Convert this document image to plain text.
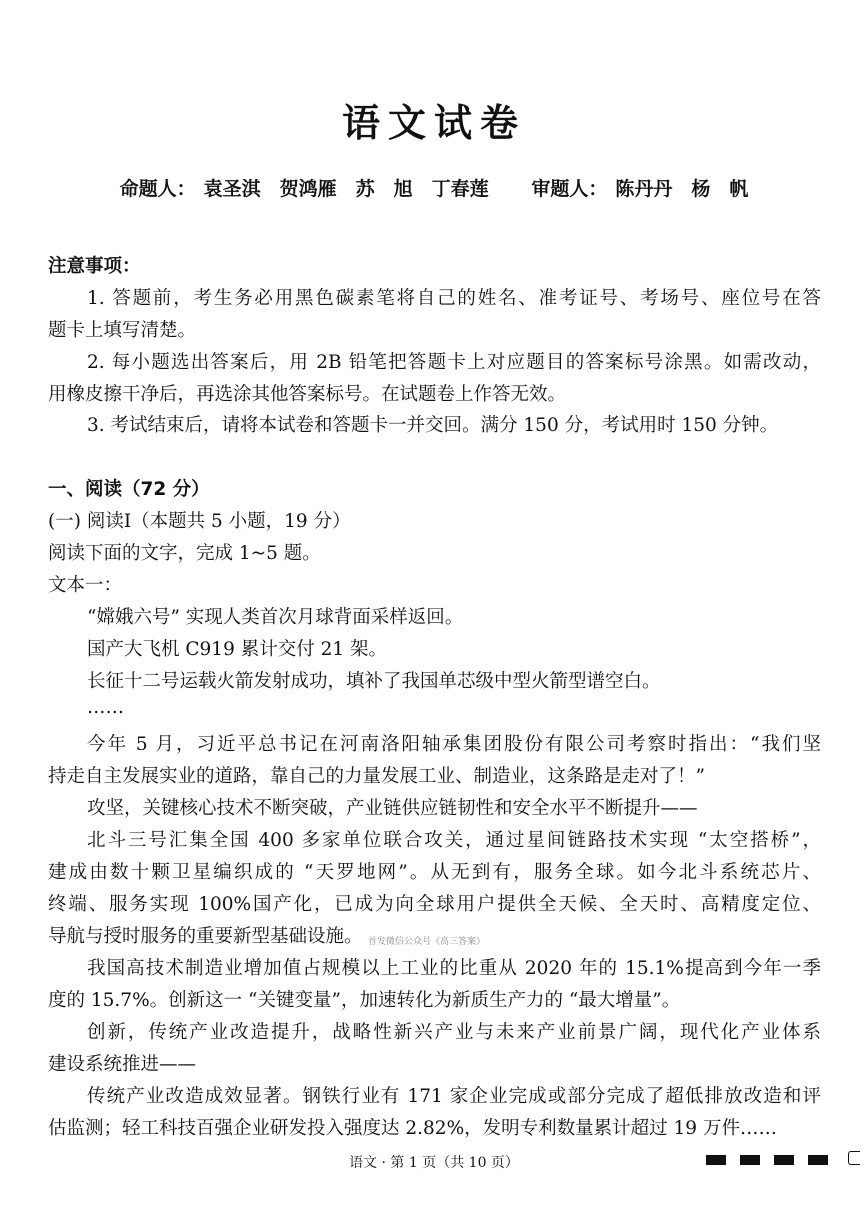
语文试卷
命题人： 袁圣淇　贺鸿雁　苏　旭　丁春莲 审题人： 陈丹丹　杨　帆
注意事项：
1. 答题前，考生务必用黑色碳素笔将自己的姓名、准考证号、考场号、座位号在答
题卡上填写清楚。
2. 每小题选出答案后，用 2B 铅笔把答题卡上对应题目的答案标号涂黑。如需改动，
用橡皮擦干净后，再选涂其他答案标号。在试题卷上作答无效。
3. 考试结束后，请将本试卷和答题卡一并交回。满分 150 分，考试用时 150 分钟。
一、阅读（72 分）
(一) 阅读Ⅰ（本题共 5 小题，19 分）
阅读下面的文字，完成 1~5 题。
文本一：
“嫦娥六号” 实现人类首次月球背面采样返回。
国产大飞机 C919 累计交付 21 架。
长征十二号运载火箭发射成功，填补了我国单芯级中型火箭型谱空白。
……
今年 5 月，习近平总书记在河南洛阳轴承集团股份有限公司考察时指出：“我们坚
持走自主发展实业的道路，靠自己的力量发展工业、制造业，这条路是走对了！”
攻坚，关键核心技术不断突破，产业链供应链韧性和安全水平不断提升——
北斗三号汇集全国 400 多家单位联合攻关，通过星间链路技术实现 “太空搭桥”，
建成由数十颗卫星编织成的 “天罗地网”。从无到有，服务全球。如今北斗系统芯片、
终端、服务实现 100%国产化，已成为向全球用户提供全天候、全天时、高精度定位、
导航与授时服务的重要新型基础设施。 首发微信公众号《高三答案》
我国高技术制造业增加值占规模以上工业的比重从 2020 年的 15.1%提高到今年一季
度的 15.7%。创新这一 “关键变量”，加速转化为新质生产力的 “最大增量”。
创新，传统产业改造提升，战略性新兴产业与未来产业前景广阔，现代化产业体系
建设系统推进——
传统产业改造成效显著。钢铁行业有 171 家企业完成或部分完成了超低排放改造和评
估监测；轻工科技百强企业研发投入强度达 2.82%，发明专利数量累计超过 19 万件……
语文 · 第 1 页（共 10 页）
